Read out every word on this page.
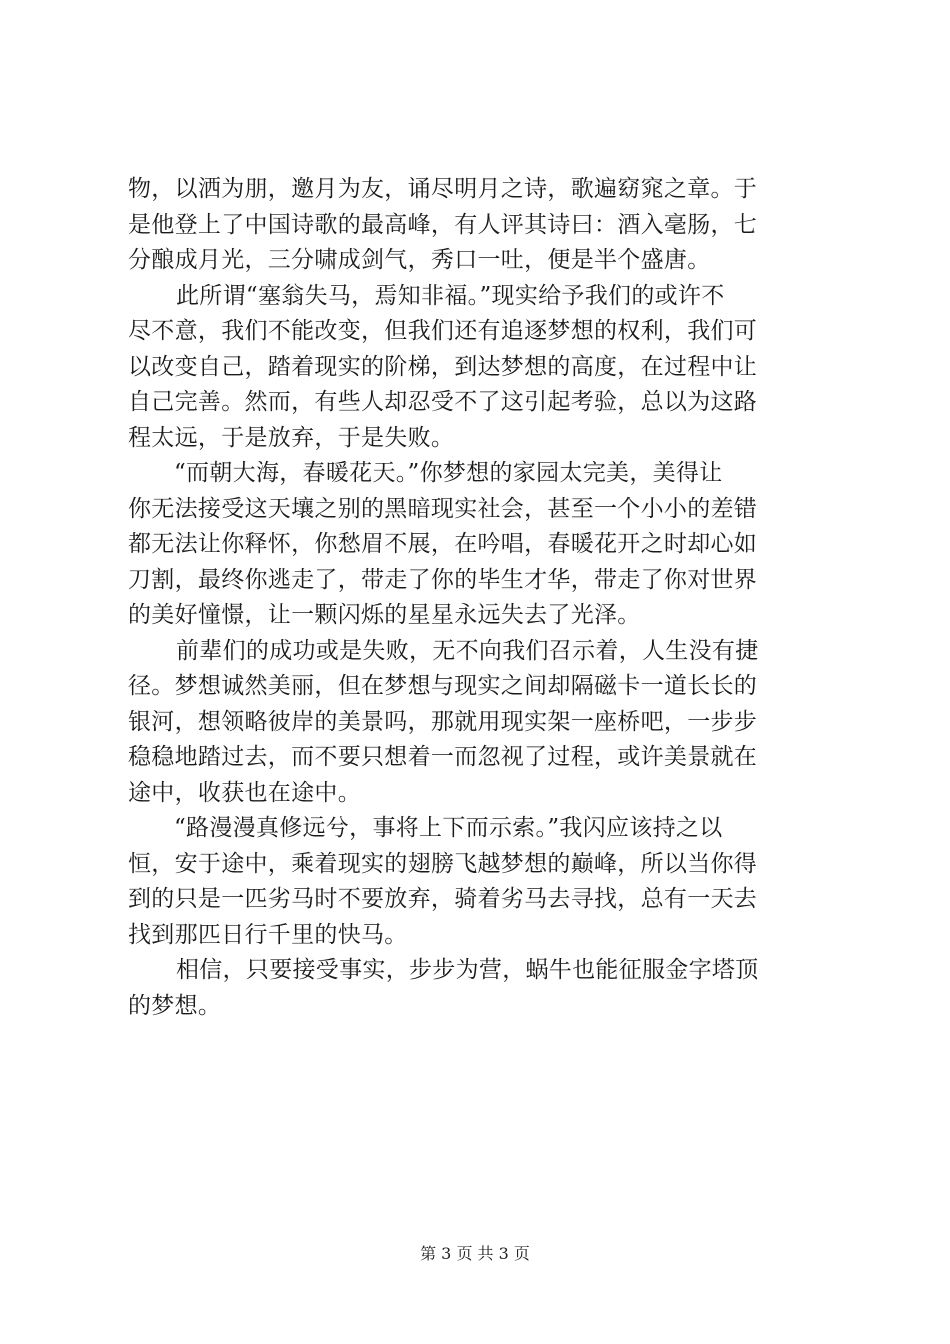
物，以洒为朋，邀月为友，诵尽明月之诗，歌遍窈窕之章。于
是他登上了中国诗歌的最高峰，有人评其诗曰：酒入毫肠，七
分酿成月光，三分啸成剑气，秀口一吐，便是半个盛唐。
此所谓“塞翁失马，焉知非福。”现实给予我们的或许不
尽不意，我们不能改变，但我们还有追逐梦想的权利，我们可
以改变自己，踏着现实的阶梯，到达梦想的高度，在过程中让
自己完善。然而，有些人却忍受不了这引起考验，总以为这路
程太远，于是放弃，于是失败。
“而朝大海，春暖花天。”你梦想的家园太完美，美得让
你无法接受这天壤之别的黑暗现实社会，甚至一个小小的差错
都无法让你释怀，你愁眉不展，在吟唱，春暖花开之时却心如
刀割，最终你逃走了，带走了你的毕生才华，带走了你对世界
的美好憧憬，让一颗闪烁的星星永远失去了光泽。
前辈们的成功或是失败，无不向我们召示着，人生没有捷
径。梦想诚然美丽，但在梦想与现实之间却隔磁卡一道长长的
银河，想领略彼岸的美景吗，那就用现实架一座桥吧，一步步
稳稳地踏过去，而不要只想着一而忽视了过程，或许美景就在
途中，收获也在途中。
“路漫漫真修远兮，事将上下而示索。”我闪应该持之以
恒，安于途中，乘着现实的翅膀飞越梦想的巅峰，所以当你得
到的只是一匹劣马时不要放弃，骑着劣马去寻找，总有一天去
找到那匹日行千里的快马。
相信，只要接受事实，步步为营，蜗牛也能征服金字塔顶
的梦想。
第 3 页 共 3 页
